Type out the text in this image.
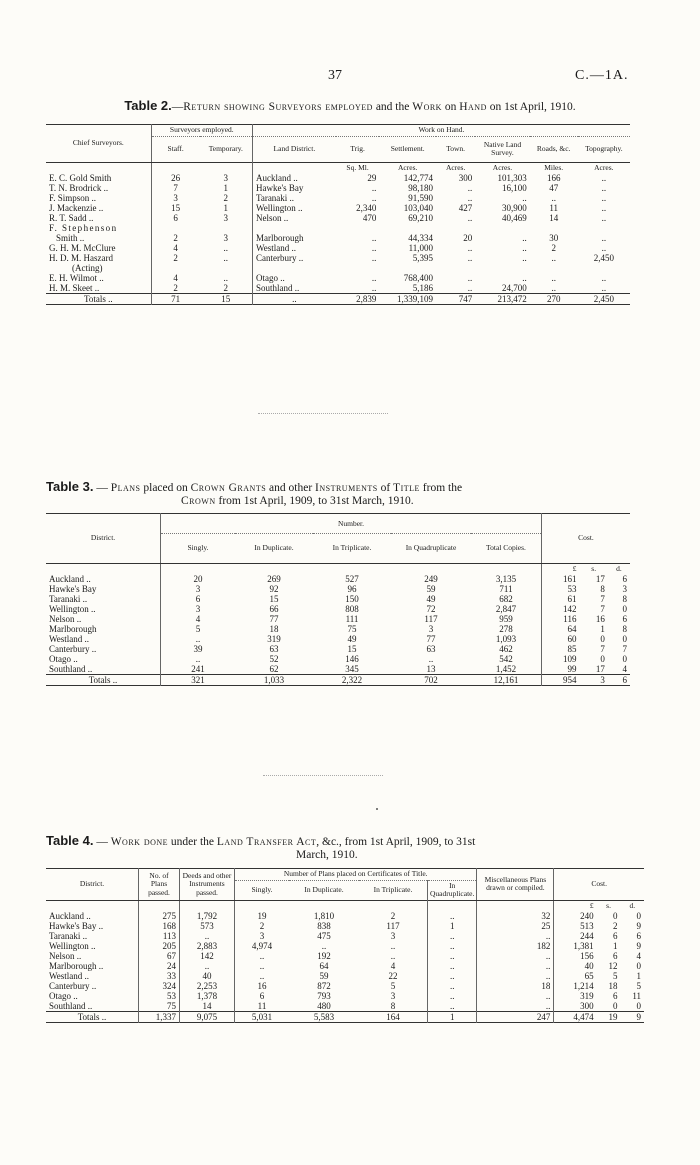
37	C.—1A.
Table 2.—Return showing Surveyors employed and the Work on Hand on 1st April, 1910.
Chief Surveyors.	Surveyors employed.		Work on Hand.						
	Staff.	Temporary.	Land District.	Trig.	Settlement.	Town.	Native Land Survey.	Roads, &c.	Topography.
				Sq. Ml.	Acres.	Acres.	Acres.	Miles.	Acres.
E. C. Gold Smith	26	3	Auckland ..	29	142,774	300	101,303	166	..
T. N. Brodrick ..	7	1	Hawke's Bay	..	98,180	..	16,100	47	..
F. Simpson ..	3	2	Taranaki ..	..	91,590	..	..	..	..
J. Mackenzie ..	15	1	Wellington ..	2,340	103,040	427	30,900	11	..
R. T. Sadd ..	6	3	Nelson ..	470	69,210	..	40,469	14	..
F. Stephenson									
Smith ..	2	3	Marlborough	..	44,334	20	..	30	..
G. H. M. McClure	4	..	Westland ..	..	11,000	..	..	2	..
H. D. M. Haszard	2	..	Canterbury ..	..	5,395	..	..	..	2,450
(Acting)									
E. H. Wilmot ..	4	..	Otago ..	..	768,400	..	..	..	..
H. M. Skeet ..	2	2	Southland ..	..	5,186	..	24,700	..	..
Totals ..	71	15	..	2,839	1,339,109	747	213,472	270	2,450
Table 3. — Plans placed on Crown Grants and other Instruments of Title from the
Crown from 1st April, 1909, to 31st March, 1910.
District.	Number.					Cost.		
	Singly.	In Duplicate.	In Triplicate.	In Quadruplicate	Total Copies.			
						£	s.	d.
Auckland ..	20	269	527	249	3,135	161	17	6
Hawke's Bay	3	92	96	59	711	53	8	3
Taranaki ..	6	15	150	49	682	61	7	8
Wellington ..	3	66	808	72	2,847	142	7	0
Nelson ..	4	77	111	117	959	116	16	6
Marlborough	5	18	75	3	278	64	1	8
Westland ..	..	319	49	77	1,093	60	0	0
Canterbury ..	39	63	15	63	462	85	7	7
Otago ..	..	52	146	..	542	109	0	0
Southland ..	241	62	345	13	1,452	99	17	4
Totals ..	321	1,033	2,322	702	12,161	954	3	6
Table 4. — Work done under the Land Transfer Act, &c., from 1st April, 1909, to 31st
March, 1910.
District.	No. of Plans passed.	Deeds and other Instruments passed.	Number of Plans placed on Certificates of Title.				Miscellaneous Plans drawn or compiled.	Cost.		
			Singly.	In Duplicate.	In Triplicate.	In Quadruplicate.				
								£	s.	d.
Auckland ..	275	1,792	19	1,810	2	..	32	240	0	0
Hawke's Bay ..	168	573	2	838	117	1	25	513	2	9
Taranaki ..	113	..	3	475	3	..	..	244	6	6
Wellington ..	205	2,883	4,974	..	..	..	182	1,381	1	9
Nelson ..	67	142	..	192	..	..	..	156	6	4
Marlborough ..	24	..	..	64	4	..	..	40	12	0
Westland ..	33	40	..	59	22	..	..	65	5	1
Canterbury ..	324	2,253	16	872	5	..	18	1,214	18	5
Otago ..	53	1,378	6	793	3	..	..	319	6	11
Southland ..	75	14	11	480	8	..	..	300	0	0
Totals ..	1,337	9,075	5,031	5,583	164	1	247	4,474	19	9
